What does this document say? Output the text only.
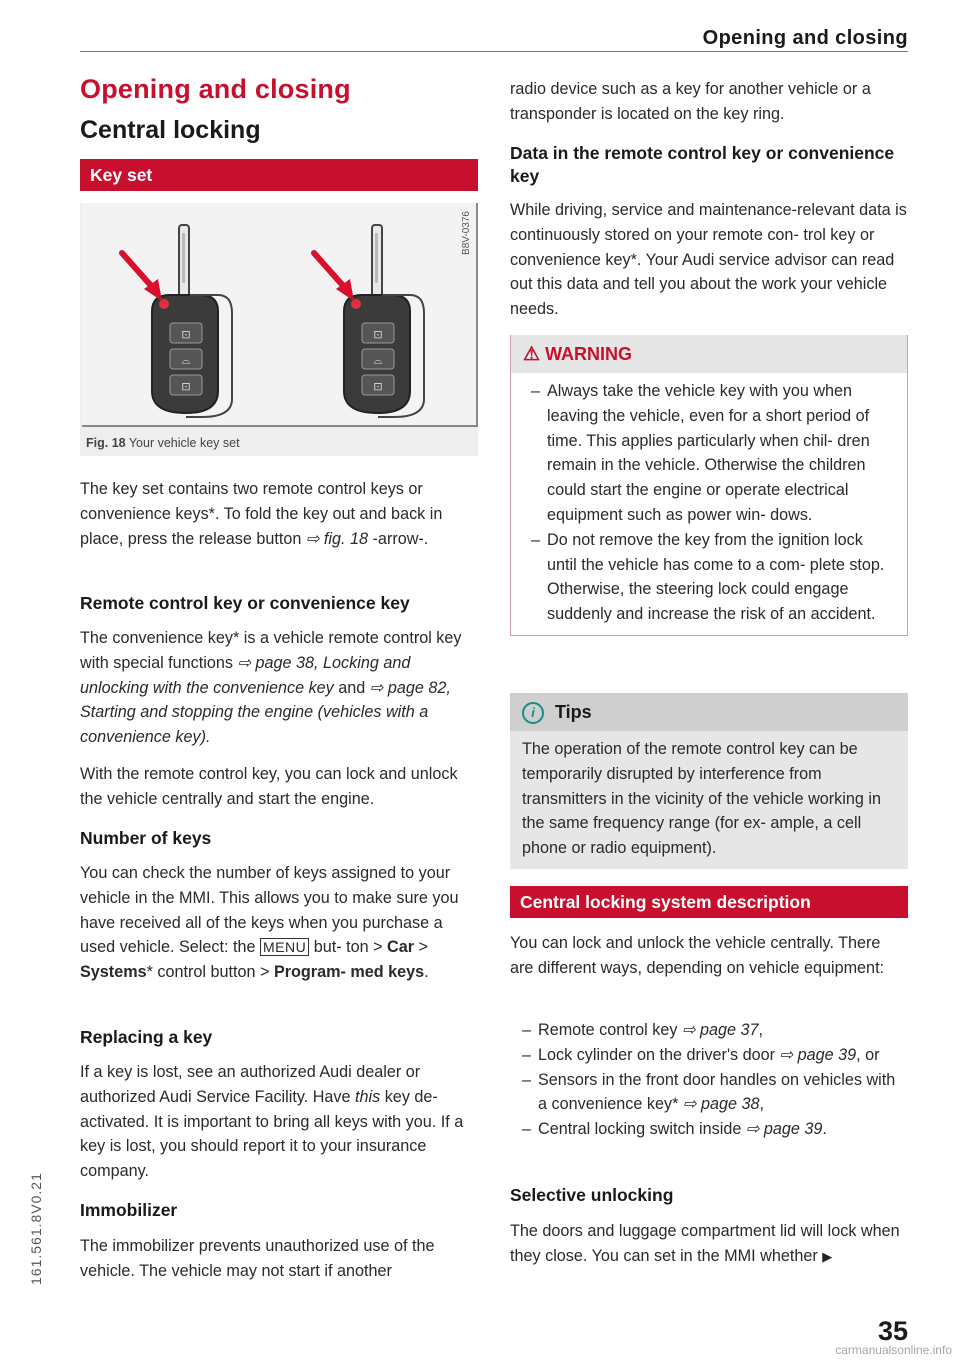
Opening and closing
161.561.8V0.21
Opening and closing
Central locking
Key set
B8V-0376
⊡
⌓
⊡
⊡
⌓
⊡
Fig. 18 Your vehicle key set

The key set contains two remote control keys or convenience keys*. To fold the key out and back in place, press the release button ⇨ fig. 18 -arrow-.

Remote control key or convenience key

The convenience key* is a vehicle remote control key with special functions ⇨ page 38, Locking and unlocking with the convenience key and ⇨ page 82, Starting and stopping the engine (vehicles with a convenience key).

With the remote control key, you can lock and unlock the vehicle centrally and start the engine.

Number of keys

You can check the number of keys assigned to your vehicle in the MMI. This allows you to make sure you have received all of the keys when you purchase a used vehicle. Select: the MENU but- ton > Car > Systems* control button > Program- med keys.

Replacing a key

If a key is lost, see an authorized Audi dealer or authorized Audi Service Facility. Have this key de- activated. It is important to bring all keys with you. If a key is lost, you should report it to your insurance company.

Immobilizer

The immobilizer prevents unauthorized use of the vehicle. The vehicle may not start if another

radio device such as a key for another vehicle or a transponder is located on the key ring.

Data in the remote control key or convenience key

While driving, service and maintenance-relevant data is continuously stored on your remote con- trol key or convenience key*. Your Audi service advisor can read out this data and tell you about the work your vehicle needs.

⚠ WARNING
– Always take the vehicle key with you when leaving the vehicle, even for a short period of time. This applies particularly when chil- dren remain in the vehicle. Otherwise the children could start the engine or operate electrical equipment such as power win- dows.
– Do not remove the key from the ignition lock until the vehicle has come to a com- plete stop. Otherwise, the steering lock could engage suddenly and increase the risk of an accident.
i Tips

The operation of the remote control key can be temporarily disrupted by interference from transmitters in the vicinity of the vehicle working in the same frequency range (for ex- ample, a cell phone or radio equipment).

Central locking system description

You can lock and unlock the vehicle centrally. There are different ways, depending on vehicle equipment:

– Remote control key ⇨ page 37,
– Lock cylinder on the driver's door ⇨ page 39, or
– Sensors in the front door handles on vehicles with a convenience key* ⇨ page 38,
– Central locking switch inside ⇨ page 39.
Selective unlocking

The doors and luggage compartment lid will lock when they close. You can set in the MMI whether ▶

35
carmanualsonline.info
